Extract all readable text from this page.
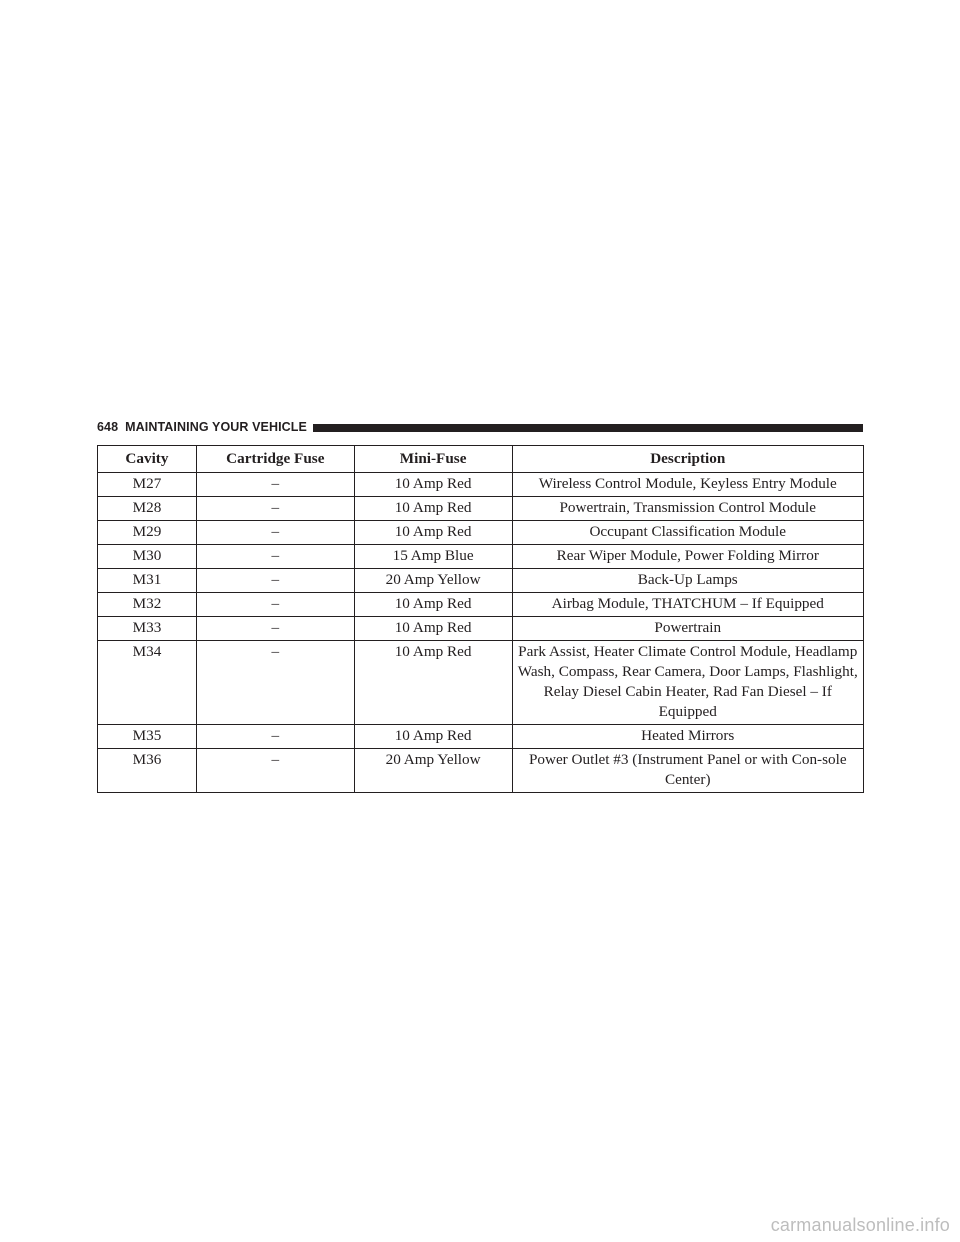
648 MAINTAINING YOUR VEHICLE
Cavity	Cartridge Fuse	Mini-Fuse	Description
M27	–	10 Amp Red	Wireless Control Module, Keyless Entry Module
M28	–	10 Amp Red	Powertrain, Transmission Control Module
M29	–	10 Amp Red	Occupant Classification Module
M30	–	15 Amp Blue	Rear Wiper Module, Power Folding Mirror
M31	–	20 Amp Yellow	Back-Up Lamps
M32	–	10 Amp Red	Airbag Module, THATCHUM – If Equipped
M33	–	10 Amp Red	Powertrain
M34	–	10 Amp Red	Park Assist, Heater Climate Control Module, Headlamp Wash, Compass, Rear Camera, Door Lamps, Flashlight, Relay Diesel Cabin Heater, Rad Fan Diesel – If Equipped
M35	–	10 Amp Red	Heated Mirrors
M36	–	20 Amp Yellow	Power Outlet #3 (Instrument Panel or with Con-sole Center)
carmanualsonline.info
